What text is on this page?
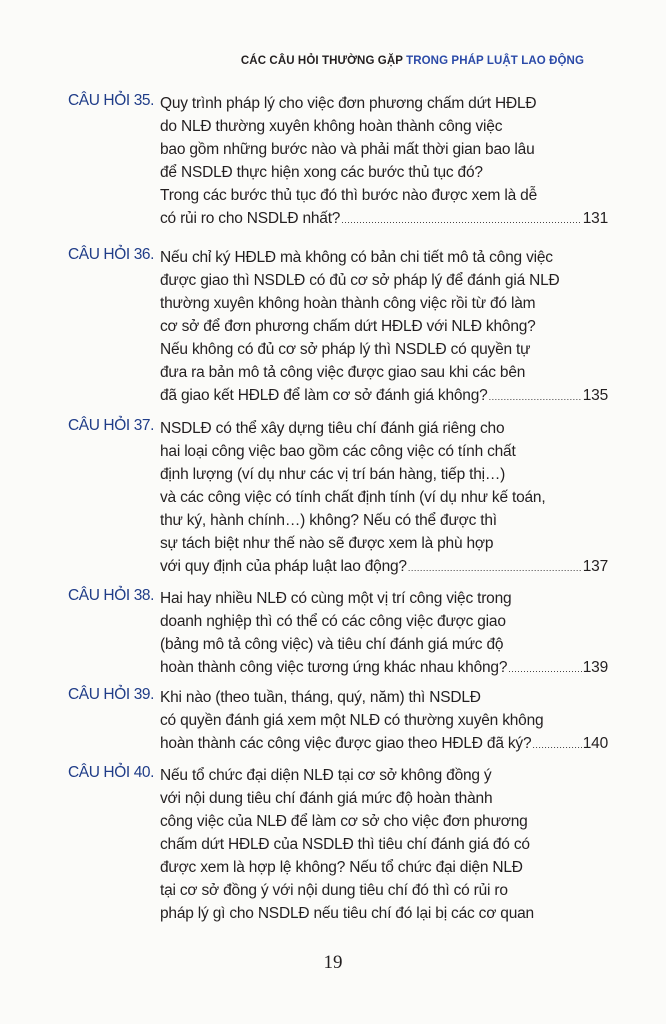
CÁC CÂU HỎI THƯỜNG GẶP TRONG PHÁP LUẬT LAO ĐỘNG
CÂU HỎI 35. Quy trình pháp lý cho việc đơn phương chấm dứt HĐLĐ
do NLĐ thường xuyên không hoàn thành công việc
bao gồm những bước nào và phải mất thời gian bao lâu
để NSDLĐ thực hiện xong các bước thủ tục đó?
Trong các bước thủ tục đó thì bước nào được xem là dễ
có rủi ro cho NSDLĐ nhất? .....	131
CÂU HỎI 36. Nếu chỉ ký HĐLĐ mà không có bản chi tiết mô tả công việc
được giao thì NSDLĐ có đủ cơ sở pháp lý để đánh giá NLĐ
thường xuyên không hoàn thành công việc rồi từ đó làm
cơ sở để đơn phương chấm dứt HĐLĐ với NLĐ không?
Nếu không có đủ cơ sở pháp lý thì NSDLĐ có quyền tự
đưa ra bản mô tả công việc được giao sau khi các bên
đã giao kết HĐLĐ để làm cơ sở đánh giá không? .....	135
CÂU HỎI 37. NSDLĐ có thể xây dựng tiêu chí đánh giá riêng cho
hai loại công việc bao gồm các công việc có tính chất
định lượng (ví dụ như các vị trí bán hàng, tiếp thị…)
và các công việc có tính chất định tính (ví dụ như kế toán,
thư ký, hành chính…) không? Nếu có thể được thì
sự tách biệt như thế nào sẽ được xem là phù hợp
với quy định của pháp luật lao động? .....	137
CÂU HỎI 38. Hai hay nhiều NLĐ có cùng một vị trí công việc trong
doanh nghiệp thì có thể có các công việc được giao
(bảng mô tả công việc) và tiêu chí đánh giá mức độ
hoàn thành công việc tương ứng khác nhau không? .....	139
CÂU HỎI 39. Khi nào (theo tuần, tháng, quý, năm) thì NSDLĐ
có quyền đánh giá xem một NLĐ có thường xuyên không
hoàn thành các công việc được giao theo HĐLĐ đã ký? .....	140
CÂU HỎI 40. Nếu tổ chức đại diện NLĐ tại cơ sở không đồng ý
với nội dung tiêu chí đánh giá mức độ hoàn thành
công việc của NLĐ để làm cơ sở cho việc đơn phương
chấm dứt HĐLĐ của NSDLĐ thì tiêu chí đánh giá đó có
được xem là hợp lệ không? Nếu tổ chức đại diện NLĐ
tại cơ sở đồng ý với nội dung tiêu chí đó thì có rủi ro
pháp lý gì cho NSDLĐ nếu tiêu chí đó lại bị các cơ quan
19
